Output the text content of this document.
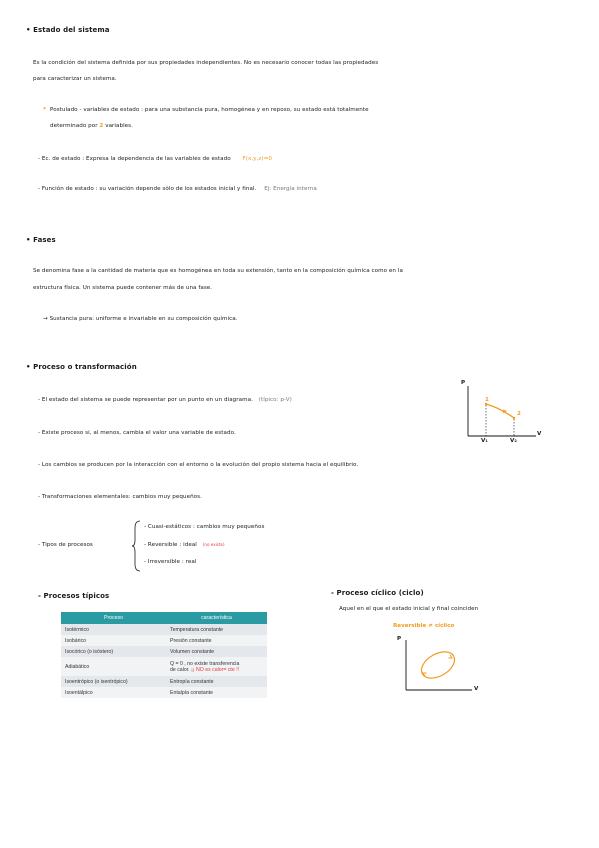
• Estado del sistema
Es la condición del sistema definida por sus propiedades independientes. No es necesario conocer todas las propiedades
para caracterizar un sistema.
* Postulado - variables de estado : para una substancia pura, homogénea y en reposo, su estado está totalmente
determinado por 2 variables.
- Ec. de estado : Expresa la dependencia de las variables de estado F(x,y,z)=0
- Función de estado : su variación depende sólo de los estados inicial y final. Ej: Energía interna
• Fases
Se denomina fase a la cantidad de materia que es homogénea en toda su extensión, tanto en la composición química como en la
estructura física. Un sistema puede contener más de una fase.
→ Sustancia pura: uniforme e invariable en su composición química.
• Proceso o transformación
- El estado del sistema se puede representar por un punto en un diagrama. (típico: p-V)
- Existe proceso si, al menos, cambia el valor una variable de estado.
- Los cambios se producen por la interacción con el entorno o la evolución del propio sistema hacia el equilibrio.
- Transformaciones elementales: cambios muy pequeños.
- Tipos de procesos
- Cuasi-estáticos : cambios muy pequeños
- Reversible : ideal (no existe)
- Irreversible : real
P
V
V₁	V₂
1
2
- Procesos típicos
Proceso	característica
Isotérmico	Temperatura constante
Isobárico	Presión constante
Isocórico (o isóstero)	Volumen constante
Adiabático	Q = 0 , no existe transferencia
de calor. ¡¡ NO es calor= cte !!

Isoentrópico (o isentrópico)	Entropía constante
Isoentálpico	Entalpía constante
- Proceso cíclico (ciclo)
Aquel en el que el estado inicial y final coinciden
Reversible ≠ cíclico
P
V
